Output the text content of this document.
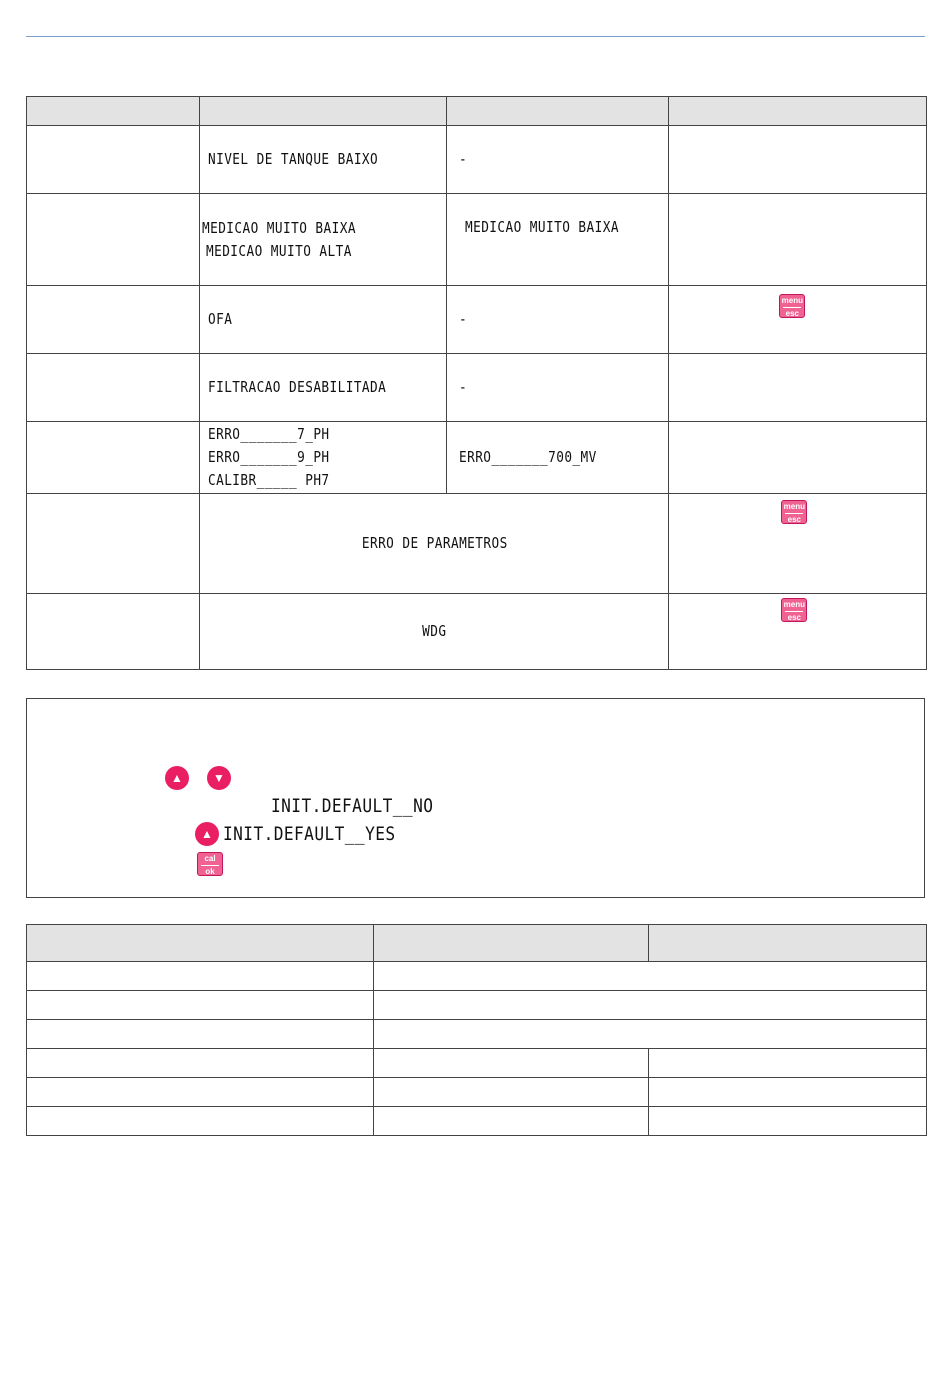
	NIVEL DE TANQUE BAIXO	-	
	MEDICAO MUITO BAIXA
MEDICAO MUITO ALTA	MEDICAO MUITO BAIXA	
	OFA	-	menu
esc
	FILTRACAO DESABILITADA	-	
	ERRO_______7_PH
ERRO_______9_PH
CALIBR_____ PH7	ERRO_______700_MV	
	ERRO DE PARAMETROS		menu
esc
	WDG		menu
esc
▲	▼
INIT.DEFAULT__NO
▲ INIT.DEFAULT__YES
cal
ok
